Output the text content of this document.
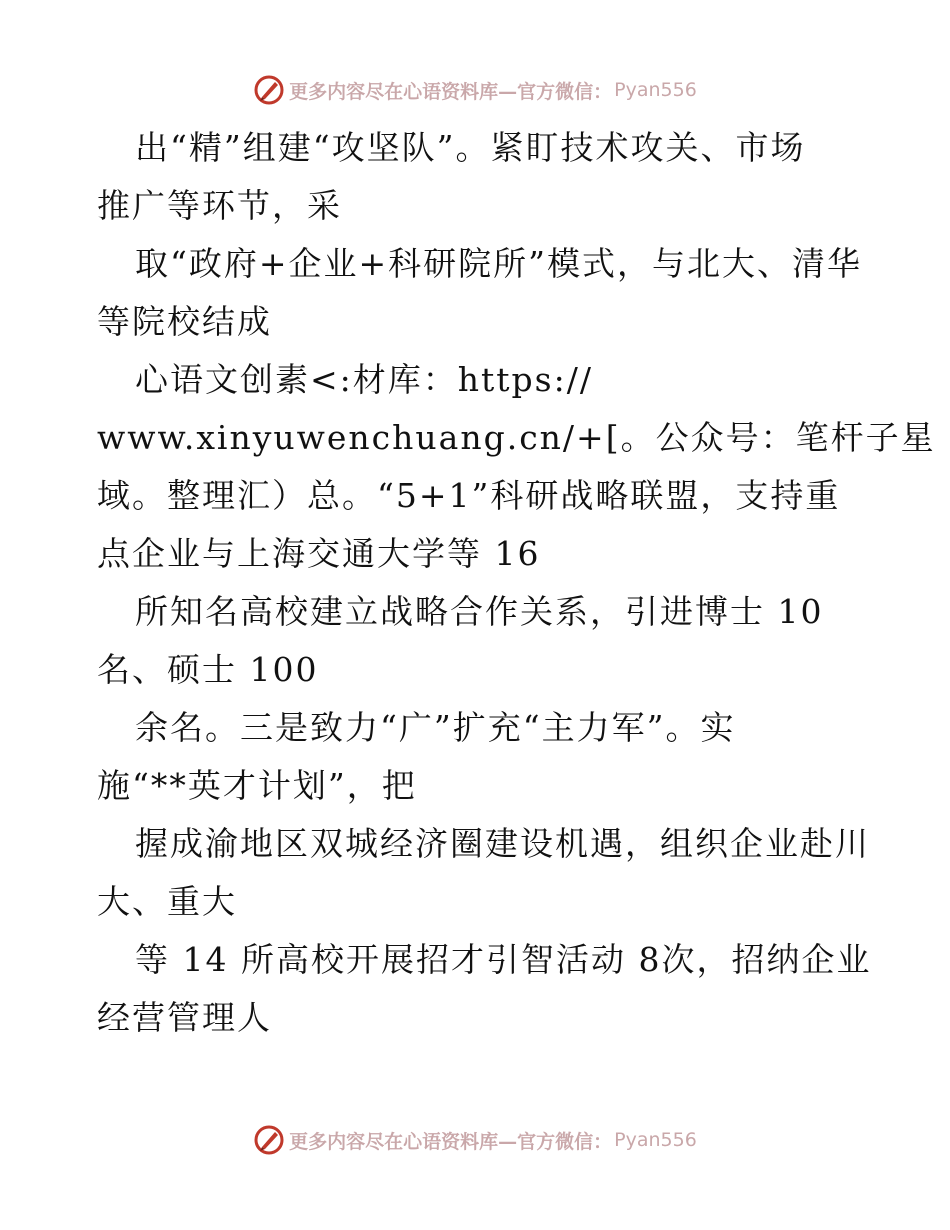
更多内容尽在心语资料库—官方微信： Pyan556
出“精”组建“攻坚队”。紧盯技术攻关、市场
推广等环节，采
取“政府+企业+科研院所”模式，与北大、清华
等院校结成
心语文创素<:材库：https://
www.xinyuwenchuang.cn/+[。公众号：笔杆子星
域。整理汇）总。“5+1”科研战略联盟，支持重
点企业与上海交通大学等 16
所知名高校建立战略合作关系，引进博士 10
名、硕士 100
余名。三是致力“广”扩充“主力军”。实
施“**英才计划”，把
握成渝地区双城经济圈建设机遇，组织企业赴川
大、重大
等 14 所高校开展招才引智活动 8次，招纳企业
经营管理人
更多内容尽在心语资料库—官方微信： Pyan556
